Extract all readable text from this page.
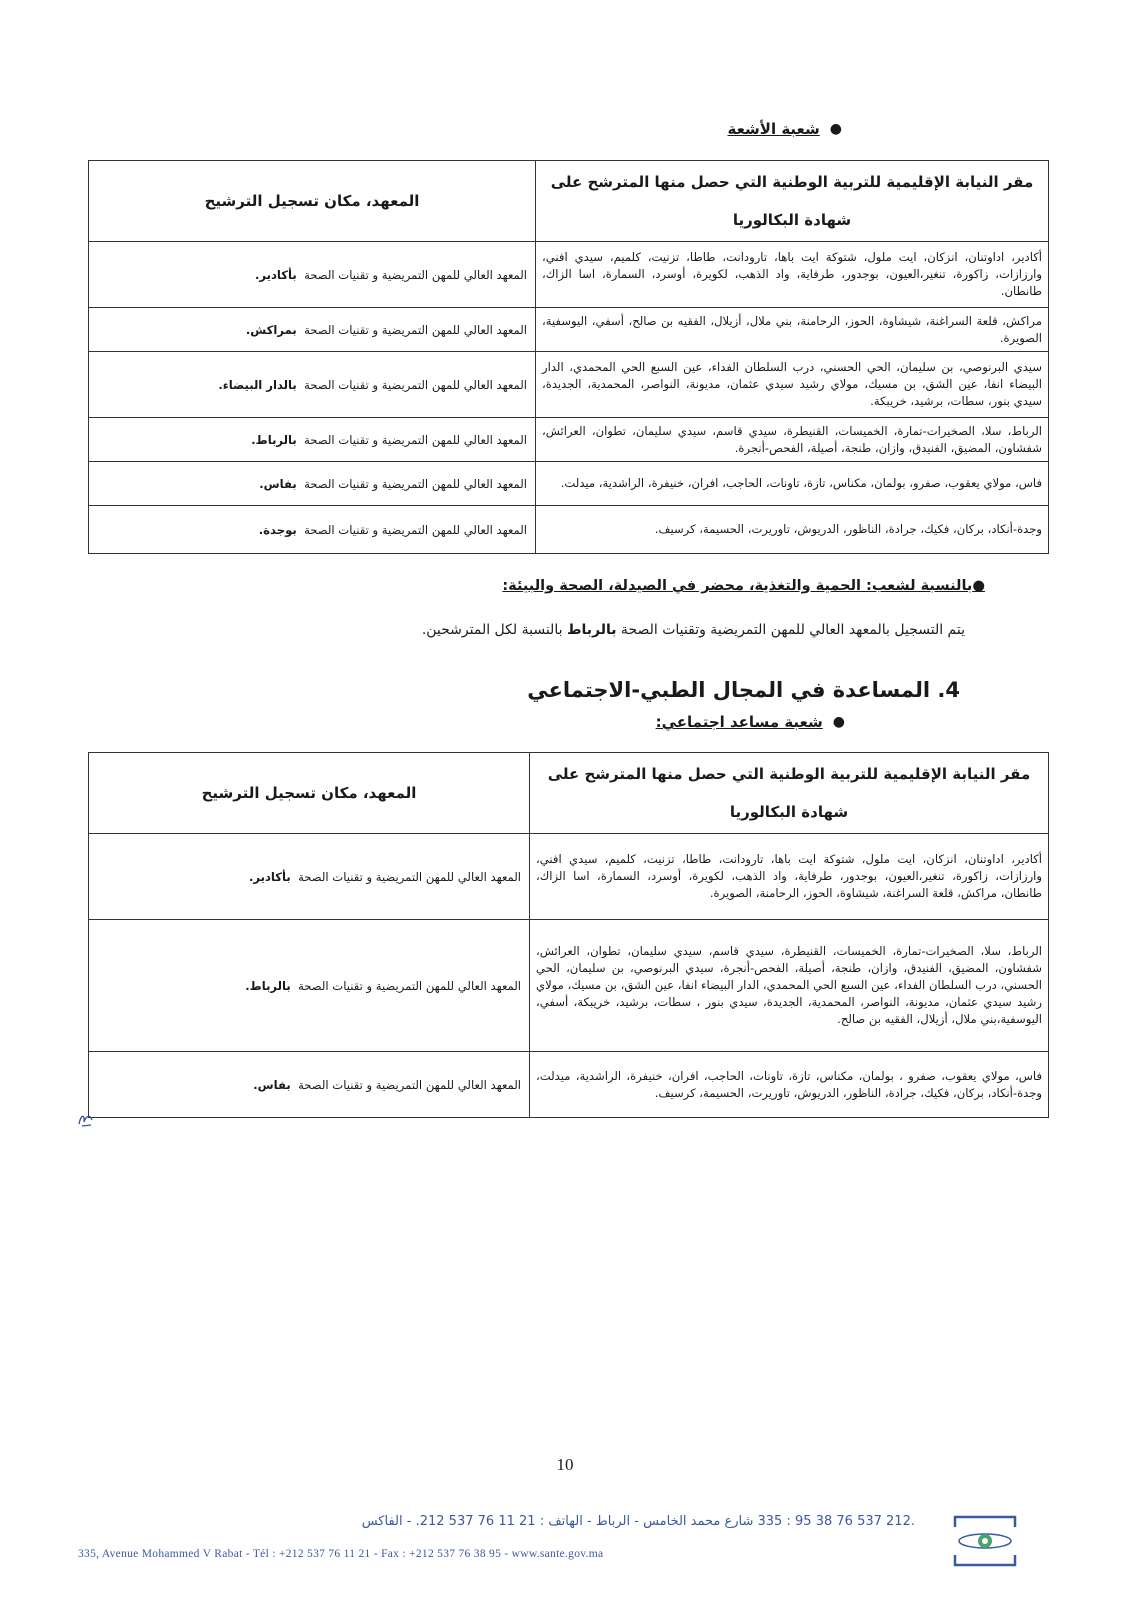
●
شعبة الأشعة
مقر النيابة الإقليمية للتربية الوطنية التي حصل منها المترشح على شهادة البكالوريا	المعهد، مكان تسجيل الترشيح
أكادير، اداوتنان، انزكان، ايت ملول، شتوكة ايت باها، تارودانت، طاطا، تزنيت، كلميم، سيدي افني، وارزازات، زاكورة، تنغير،العيون، بوجدور، طرفاية، واد الذهب، لكويرة، أوسرد، السمارة، اسا الزاك، طانطان.	المعهد العالي للمهن التمريضية و تقنيات الصحة  بأكادير.
مراكش، قلعة السراغنة، شيشاوة، الحوز، الرحامنة، بني ملال، أزيلال، الفقيه بن صالح، أسفي، اليوسفية، الصويرة.	المعهد العالي للمهن التمريضية و تقنيات الصحة  بمراكش.
سيدي البرنوصي، بن سليمان، الحي الحسني، درب السلطان الفداء، عين السبع الحي المحمدي، الدار البيضاء انفا، عين الشق، بن مسيك، مولاي رشيد سيدي عثمان، مديونة، النواصر، المحمدية، الجديدة، سيدي بنور، سطات، برشيد، خريبكة.	المعهد العالي للمهن التمريضية و تقنيات الصحة  بالدار البيضاء.
الرباط، سلا، الصخيرات-تمارة، الخميسات، القنيطرة، سيدي قاسم، سيدي سليمان، تطوان، العرائش، شفشاون، المضيق، الفنيدق، وازان، طنجة، أصيلة، الفحص-أنجرة.	المعهد العالي للمهن التمريضية و تقنيات الصحة  بالرباط.
فاس، مولاي يعقوب، صفرو، بولمان، مكناس، تازة، تاونات، الحاجب، افران، خنيفرة، الراشدية، ميدلت.	المعهد العالي للمهن التمريضية و تقنيات الصحة  بفاس.
وجدة-أنكاد، بركان، فكيك، جرادة، الناظور، الدريوش، تاوريرت، الحسيمة، كرسيف.	المعهد العالي للمهن التمريضية و تقنيات الصحة  بوجدة.
●بالنسبة لشعب: الحمية والتغذية، محضر في الصيدلة، الصحة والبيئة:
يتم التسجيل بالمعهد العالي للمهن التمريضية وتقنيات الصحة بالرباط بالنسبة لكل المترشحين.
4. المساعدة في المجال الطبي-الاجتماعي
●
شعبة مساعد اجتماعي:
مقر النيابة الإقليمية للتربية الوطنية التي حصل منها المترشح على شهادة البكالوريا	المعهد، مكان تسجيل الترشيح
أكادير، اداوتنان، انزكان، ايت ملول، شتوكة ايت باها، تارودانت، طاطا، تزنيت، كلميم، سيدي افني، وارزازات، زاكورة، تنغير،العيون، بوجدور، طرفاية، واد الذهب، لكويرة، أوسرد، السمارة، اسا الزاك، طانطان، مراكش، قلعة السراغنة، شيشاوة، الحوز، الرحامنة، الصويرة.	المعهد العالي للمهن التمريضية و تقنيات الصحة  بأكادير.
الرباط، سلا، الصخيرات-تمارة، الخميسات، القنيطرة، سيدي قاسم، سيدي سليمان، تطوان، العرائش، شفشاون، المضيق، الفنيدق، وازان، طنجة، أصيلة، الفحص-أنجرة، سيدي البرنوصي، بن سليمان، الحي الحسني، درب السلطان الفداء، عين السبع الحي المحمدي، الدار البيضاء انفا، عين الشق، بن مسيك، مولاي رشيد سيدي عثمان، مديونة، النواصر، المحمدية، الجديدة، سيدي بنور ، سطات، برشيد، خريبكة، أسفي، اليوسفية،بني ملال، أزيلال، الفقيه بن صالح.	المعهد العالي للمهن التمريضية و تقنيات الصحة  بالرباط.
فاس، مولاي يعقوب، صفرو ، بولمان، مكناس، تازة، تاونات، الحاجب، افران، خنيفرة، الراشدية، ميدلت، وجدة-أنكاد، بركان، فكيك، جرادة، الناظور، الدريوش، تاوريرت، الحسيمة، كرسيف.	المعهد العالي للمهن التمريضية و تقنيات الصحة  بفاس.
10
.212 537 76 38 95 : 335 شارع محمد الخامس - الرباط - الهاتف : 21 11 76 537 212. - الفاكس
335, Avenue Mohammed V Rabat - Tél : +212 537 76 11 21 - Fax : +212 537 76 38 95 - www.sante.gov.ma
